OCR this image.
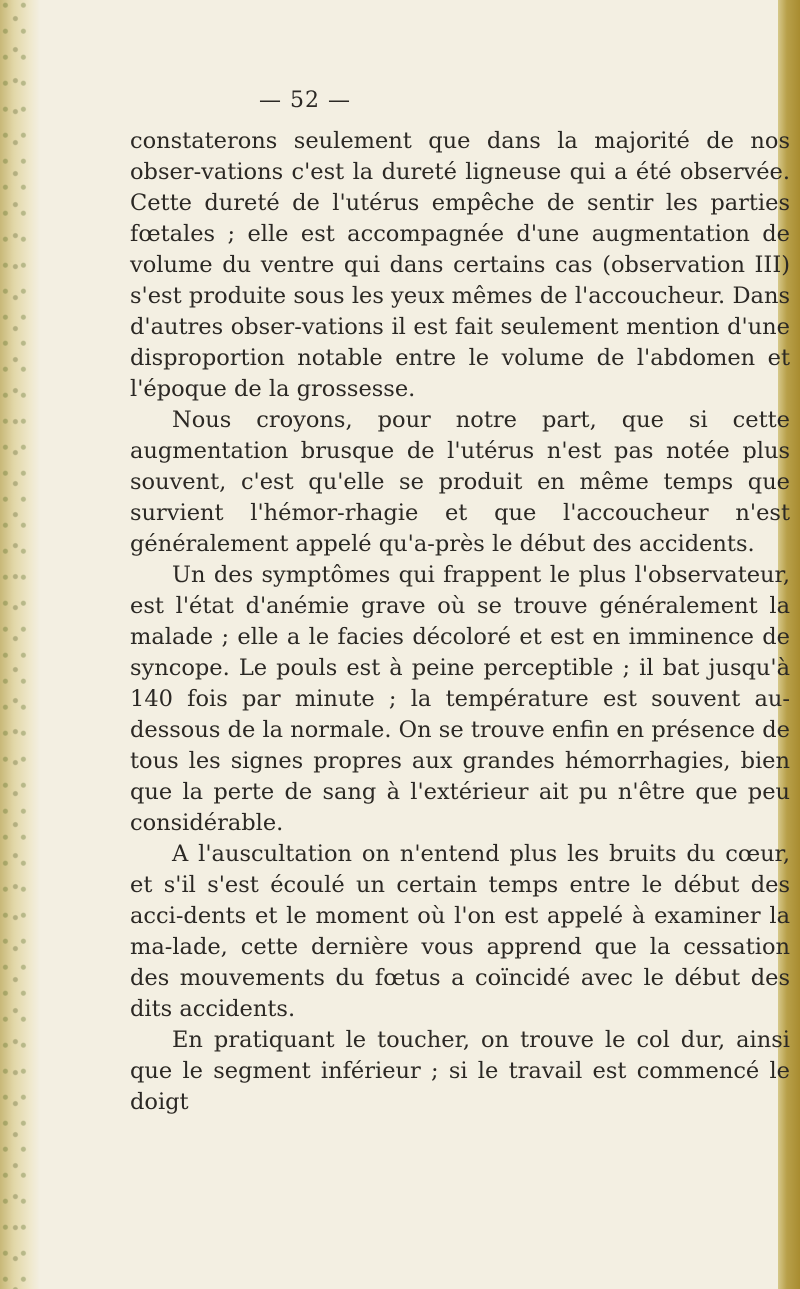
— 52 —

constaterons seulement que dans la majorité de nos obser-vations c'est la dureté ligneuse qui a été observée. Cette dureté de l'utérus empêche de sentir les parties fœtales ; elle est accompagnée d'une augmentation de volume du ventre qui dans certains cas (observation III) s'est produite sous les yeux mêmes de l'accoucheur. Dans d'autres obser-vations il est fait seulement mention d'une disproportion notable entre le volume de l'abdomen et l'époque de la grossesse.

Nous croyons, pour notre part, que si cette augmentation brusque de l'utérus n'est pas notée plus souvent, c'est qu'elle se produit en même temps que survient l'hémor-rhagie et que l'accoucheur n'est généralement appelé qu'a-près le début des accidents.

Un des symptômes qui frappent le plus l'observateur, est l'état d'anémie grave où se trouve généralement la malade ; elle a le facies décoloré et est en imminence de syncope. Le pouls est à peine perceptible ; il bat jusqu'à 140 fois par minute ; la température est souvent au-dessous de la normale. On se trouve enfin en présence de tous les signes propres aux grandes hémorrhagies, bien que la perte de sang à l'extérieur ait pu n'être que peu considérable.

A l'auscultation on n'entend plus les bruits du cœur, et s'il s'est écoulé un certain temps entre le début des acci-dents et le moment où l'on est appelé à examiner la ma-lade, cette dernière vous apprend que la cessation des mouvements du fœtus a coïncidé avec le début des dits accidents.

En pratiquant le toucher, on trouve le col dur, ainsi que le segment inférieur ; si le travail est commencé le doigt
